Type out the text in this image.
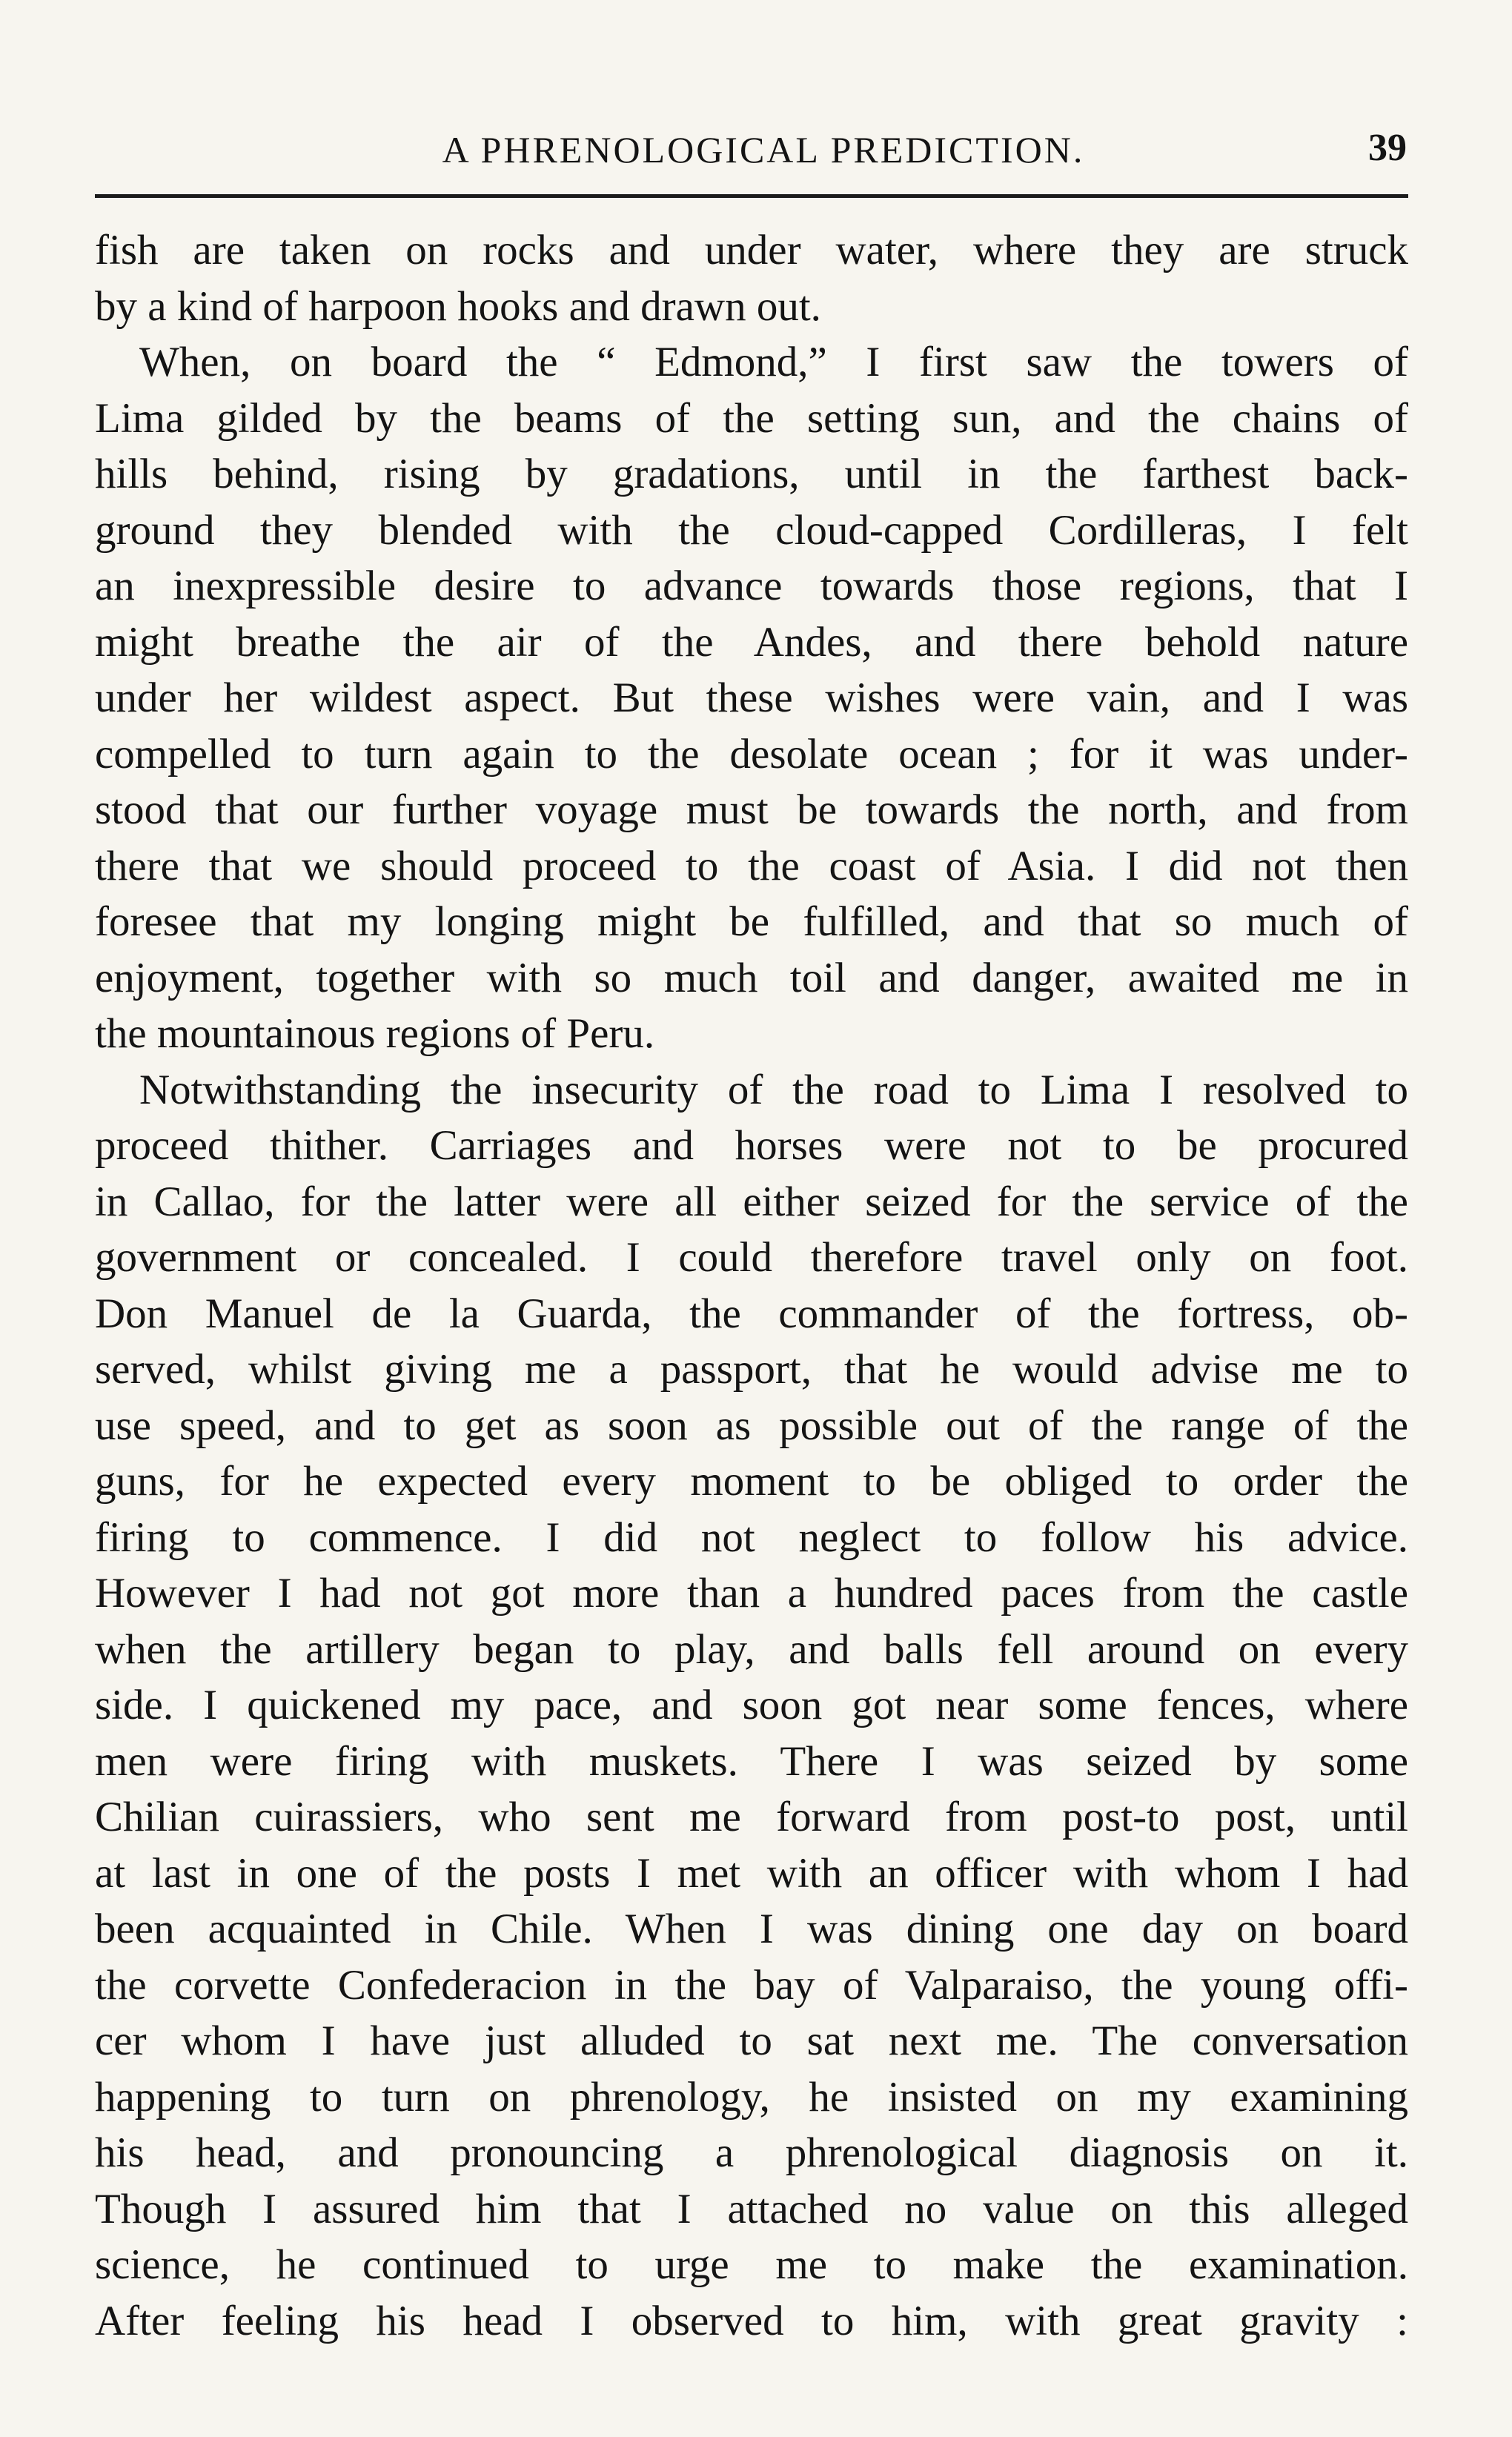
A PHRENOLOGICAL PREDICTION.	39
fish are taken on rocks and under water, where they are struck
by a kind of harpoon hooks and drawn out.
When, on board the “ Edmond,” I first saw the towers of
Lima gilded by the beams of the setting sun, and the chains of
hills behind, rising by gradations, until in the farthest back-
ground they blended with the cloud-capped Cordilleras, I felt
an inexpressible desire to advance towards those regions, that I
might breathe the air of the Andes, and there behold nature
under her wildest aspect. But these wishes were vain, and I was
compelled to turn again to the desolate ocean ; for it was under-
stood that our further voyage must be towards the north, and from
there that we should proceed to the coast of Asia. I did not then
foresee that my longing might be fulfilled, and that so much of
enjoyment, together with so much toil and danger, awaited me in
the mountainous regions of Peru.
Notwithstanding the insecurity of the road to Lima I resolved to
proceed thither. Carriages and horses were not to be procured
in Callao, for the latter were all either seized for the service of the
government or concealed. I could therefore travel only on foot.
Don Manuel de la Guarda, the commander of the fortress, ob-
served, whilst giving me a passport, that he would advise me to
use speed, and to get as soon as possible out of the range of the
guns, for he expected every moment to be obliged to order the
firing to commence. I did not neglect to follow his advice.
However I had not got more than a hundred paces from the castle
when the artillery began to play, and balls fell around on every
side. I quickened my pace, and soon got near some fences, where
men were firing with muskets. There I was seized by some
Chilian cuirassiers, who sent me forward from post-to post, until
at last in one of the posts I met with an officer with whom I had
been acquainted in Chile. When I was dining one day on board
the corvette Confederacion in the bay of Valparaiso, the young offi-
cer whom I have just alluded to sat next me. The conversation
happening to turn on phrenology, he insisted on my examining
his head, and pronouncing a phrenological diagnosis on it.
Though I assured him that I attached no value on this alleged
science, he continued to urge me to make the examination.
After feeling his head I observed to him, with great gravity :
